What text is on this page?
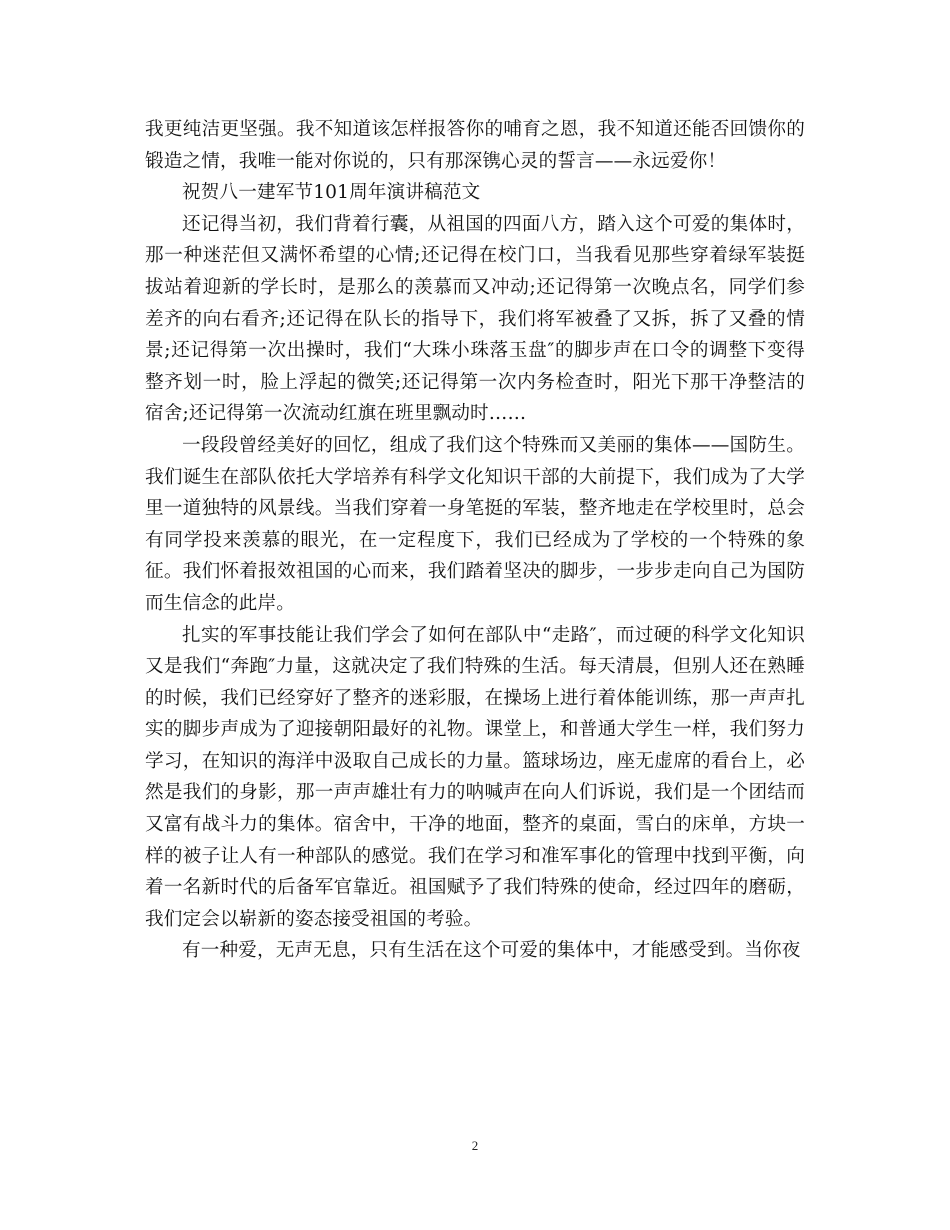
我更纯洁更坚强。我不知道该怎样报答你的哺育之恩，我不知道还能否回馈你的锻造之情，我唯一能对你说的，只有那深镌心灵的誓言——永远爱你！

祝贺八一建军节101周年演讲稿范文

还记得当初，我们背着行囊，从祖国的四面八方，踏入这个可爱的集体时，那一种迷茫但又满怀希望的心情;还记得在校门口，当我看见那些穿着绿军装挺拔站着迎新的学长时，是那么的羡慕而又冲动;还记得第一次晚点名，同学们参差齐的向右看齐;还记得在队长的指导下，我们将军被叠了又拆，拆了又叠的情景;还记得第一次出操时，我们“大珠小珠落玉盘″的脚步声在口令的调整下变得整齐划一时，脸上浮起的微笑;还记得第一次内务检查时，阳光下那干净整洁的宿舍;还记得第一次流动红旗在班里飘动时……

一段段曾经美好的回忆，组成了我们这个特殊而又美丽的集体——国防生。我们诞生在部队依托大学培养有科学文化知识干部的大前提下，我们成为了大学里一道独特的风景线。当我们穿着一身笔挺的军装，整齐地走在学校里时，总会有同学投来羡慕的眼光，在一定程度下，我们已经成为了学校的一个特殊的象征。我们怀着报效祖国的心而来，我们踏着坚决的脚步，一步步走向自己为国防而生信念的此岸。

扎实的军事技能让我们学会了如何在部队中“走路″，而过硬的科学文化知识又是我们“奔跑″力量，这就决定了我们特殊的生活。每天清晨，但别人还在熟睡的时候，我们已经穿好了整齐的迷彩服，在操场上进行着体能训练，那一声声扎实的脚步声成为了迎接朝阳最好的礼物。课堂上，和普通大学生一样，我们努力学习，在知识的海洋中汲取自己成长的力量。篮球场边，座无虚席的看台上，必然是我们的身影，那一声声雄壮有力的呐喊声在向人们诉说，我们是一个团结而又富有战斗力的集体。宿舍中，干净的地面，整齐的桌面，雪白的床单，方块一样的被子让人有一种部队的感觉。我们在学习和准军事化的管理中找到平衡，向着一名新时代的后备军官靠近。祖国赋予了我们特殊的使命，经过四年的磨砺，我们定会以崭新的姿态接受祖国的考验。

有一种爱，无声无息，只有生活在这个可爱的集体中，才能感受到。当你夜

2
